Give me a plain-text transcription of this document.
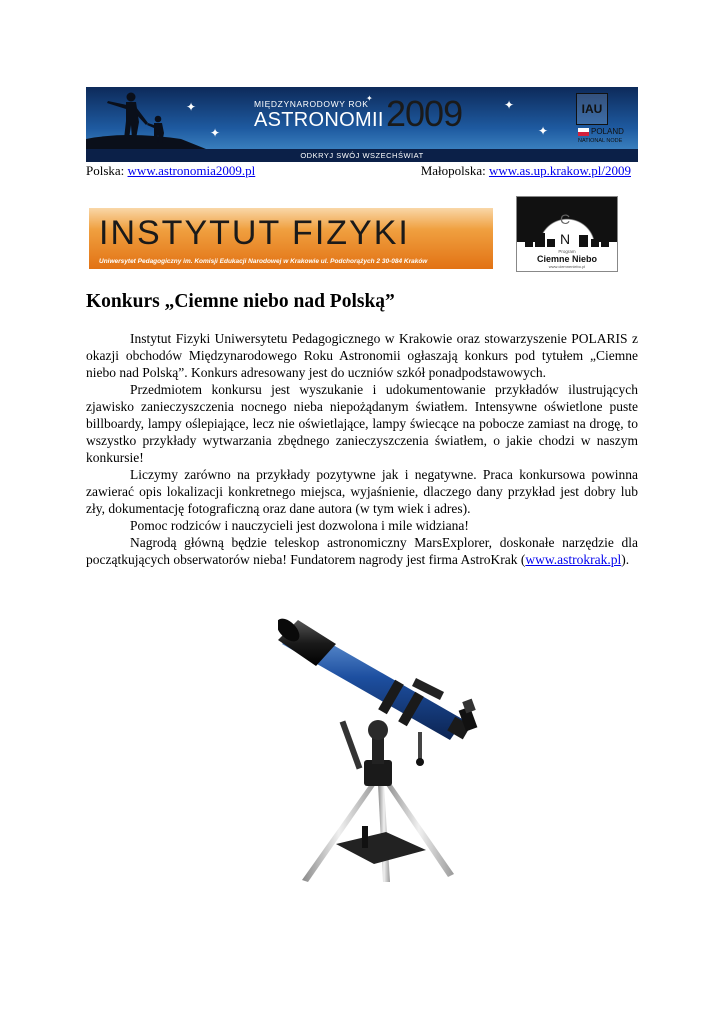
✦
✦
✦
✦
✦
MIĘDZYNARODOWY ROK
ASTRONOMII 2009	IAU
POLAND
NATIONAL NODE
ODKRYJ SWÓJ WSZECHŚWIAT
Polska: www.astronomia2009.pl	Małopolska: www.as.up.krakow.pl/2009
INSTYTUT FIZYKI
Uniwersytet Pedagogiczny im. Komisji Edukacji Narodowej w Krakowie ul. Podchorążych 2 30-084 Kraków
C
N
Program
Ciemne Niebo
www.ciemneniebo.pl
Konkurs „Ciemne niebo nad Polską”

Instytut Fizyki Uniwersytetu Pedagogicznego w Krakowie oraz stowarzyszenie POLARIS z okazji obchodów Międzynarodowego Roku Astronomii ogłaszają konkurs pod tytułem „Ciemne niebo nad Polską”. Konkurs adresowany jest do uczniów szkół ponadpodstawowych.

Przedmiotem konkursu jest wyszukanie i udokumentowanie przykładów ilustrujących zjawisko zanieczyszczenia nocnego nieba niepożądanym światłem. Intensywne oświetlone puste billboardy, lampy oślepiające, lecz nie oświetlające, lampy świecące na pobocze zamiast na drogę, to wszystko przykłady wytwarzania zbędnego zanieczyszczenia światłem, o jakie chodzi w naszym konkursie!

Liczymy zarówno na przykłady pozytywne jak i negatywne. Praca konkursowa powinna zawierać opis lokalizacji konkretnego miejsca, wyjaśnienie, dlaczego dany przykład jest dobry lub zły, dokumentację fotograficzną oraz dane autora (w tym wiek i adres).

Pomoc rodziców i nauczycieli jest dozwolona i mile widziana!

Nagrodą główną będzie teleskop astronomiczny MarsExplorer, doskonałe narzędzie dla początkujących obserwatorów nieba! Fundatorem nagrody jest firma AstroKrak (www.astrokrak.pl).
